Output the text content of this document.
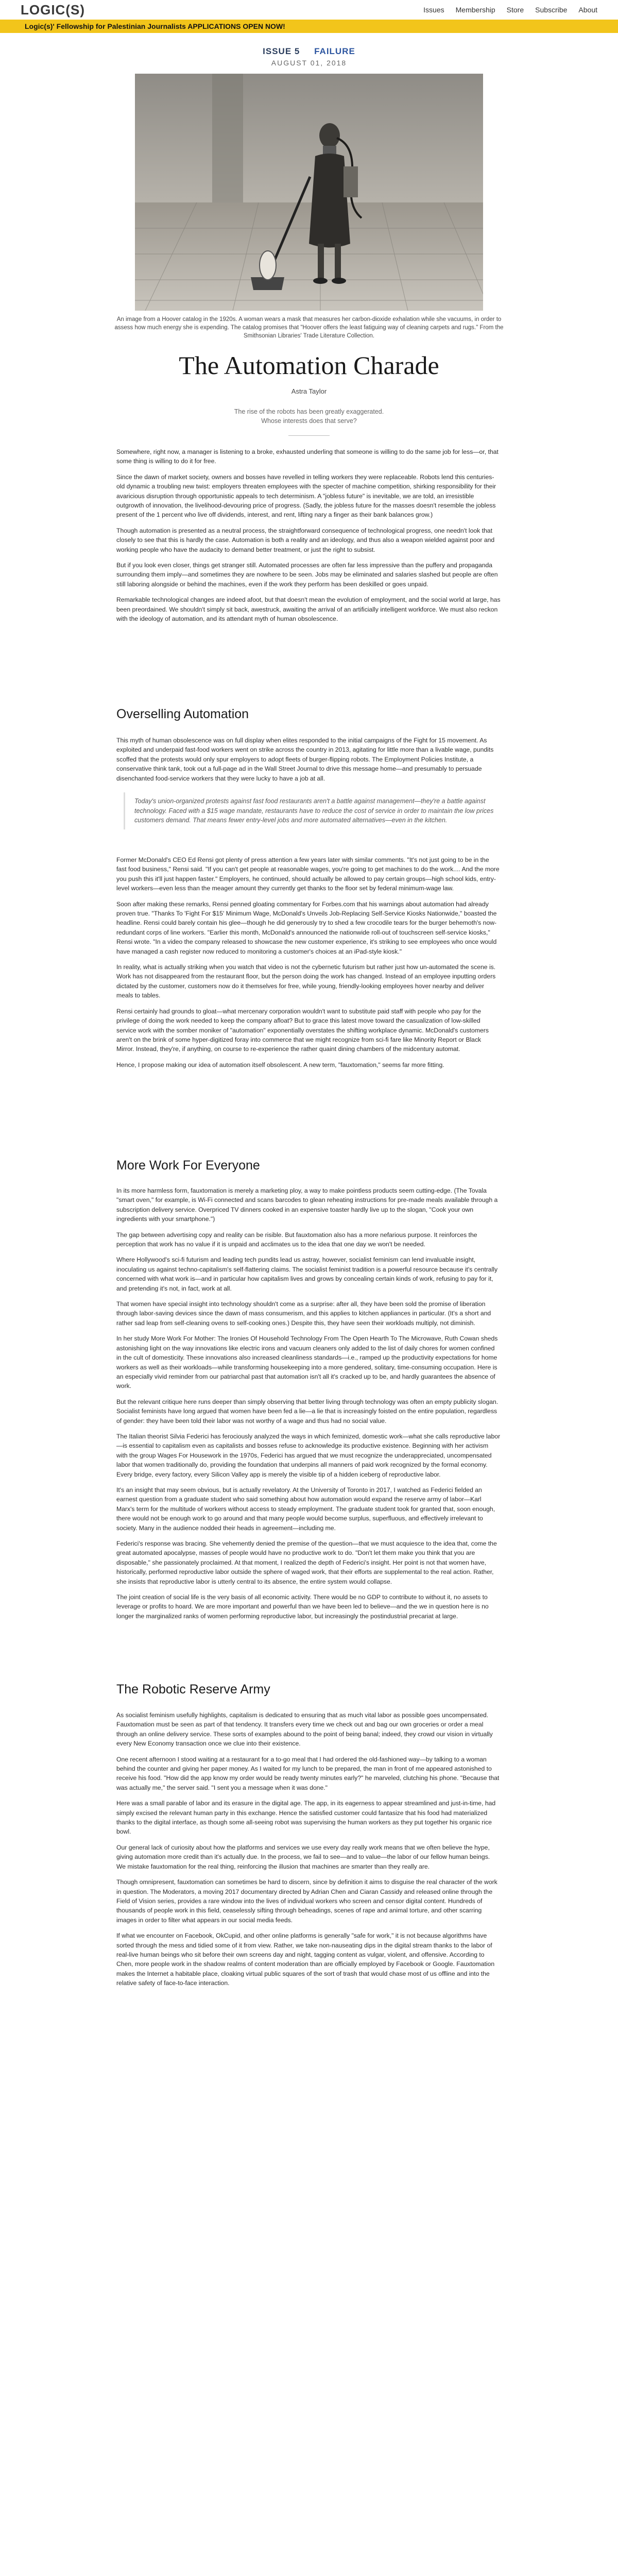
LOGIC(S)	Issues Membership Store Subscribe About
Logic(s)' Fellowship for Palestinian Journalists APPLICATIONS OPEN NOW!
ISSUE 5 FAILURE
AUGUST 01, 2018
An image from a Hoover catalog in the 1920s. A woman wears a mask that measures her carbon-dioxide exhalation while she vacuums, in order to assess how much energy she is expending. The catalog promises that "Hoover offers the least fatiguing way of cleaning carpets and rugs." From the Smithsonian Libraries' Trade Literature Collection.
The Automation Charade
Astra Taylor
The rise of the robots has been greatly exaggerated. Whose interests does that serve?

Somewhere, right now, a manager is listening to a broke, exhausted underling that someone is willing to do the same job for less—or, that some thing is willing to do it for free.

Since the dawn of market society, owners and bosses have revelled in telling workers they were replaceable. Robots lend this centuries-old dynamic a troubling new twist: employers threaten employees with the specter of machine competition, shirking responsibility for their avaricious disruption through opportunistic appeals to tech determinism. A "jobless future" is inevitable, we are told, an irresistible outgrowth of innovation, the livelihood-devouring price of progress. (Sadly, the jobless future for the masses doesn't resemble the jobless present of the 1 percent who live off dividends, interest, and rent, lifting nary a finger as their bank balances grow.)

Though automation is presented as a neutral process, the straightforward consequence of technological progress, one needn't look that closely to see that this is hardly the case. Automation is both a reality and an ideology, and thus also a weapon wielded against poor and working people who have the audacity to demand better treatment, or just the right to subsist.

But if you look even closer, things get stranger still. Automated processes are often far less impressive than the puffery and propaganda surrounding them imply—and sometimes they are nowhere to be seen. Jobs may be eliminated and salaries slashed but people are often still laboring alongside or behind the machines, even if the work they perform has been deskilled or goes unpaid.

Remarkable technological changes are indeed afoot, but that doesn't mean the evolution of employment, and the social world at large, has been preordained. We shouldn't simply sit back, awestruck, awaiting the arrival of an artificially intelligent workforce. We must also reckon with the ideology of automation, and its attendant myth of human obsolescence.

Overselling Automation

This myth of human obsolescence was on full display when elites responded to the initial campaigns of the Fight for 15 movement. As exploited and underpaid fast-food workers went on strike across the country in 2013, agitating for little more than a livable wage, pundits scoffed that the protests would only spur employers to adopt fleets of burger-flipping robots. The Employment Policies Institute, a conservative think tank, took out a full-page ad in the Wall Street Journal to drive this message home—and presumably to persuade disenchanted food-service workers that they were lucky to have a job at all.

Today's union-organized protests against fast food restaurants aren't a battle against management—they're a battle against technology. Faced with a $15 wage mandate, restaurants have to reduce the cost of service in order to maintain the low prices customers demand. That means fewer entry-level jobs and more automated alternatives—even in the kitchen.

Former McDonald's CEO Ed Rensi got plenty of press attention a few years later with similar comments. "It's not just going to be in the fast food business," Rensi said. "If you can't get people at reasonable wages, you're going to get machines to do the work.... And the more you push this it'll just happen faster." Employers, he continued, should actually be allowed to pay certain groups—high school kids, entry-level workers—even less than the meager amount they currently get thanks to the floor set by federal minimum-wage law.

Soon after making these remarks, Rensi penned gloating commentary for Forbes.com that his warnings about automation had already proven true. "Thanks To 'Fight For $15' Minimum Wage, McDonald's Unveils Job-Replacing Self-Service Kiosks Nationwide," boasted the headline. Rensi could barely contain his glee—though he did generously try to shed a few crocodile tears for the burger behemoth's now-redundant corps of line workers. "Earlier this month, McDonald's announced the nationwide roll-out of touchscreen self-service kiosks," Rensi wrote. "In a video the company released to showcase the new customer experience, it's striking to see employees who once would have managed a cash register now reduced to monitoring a customer's choices at an iPad-style kiosk."

In reality, what is actually striking when you watch that video is not the cybernetic futurism but rather just how un-automated the scene is. Work has not disappeared from the restaurant floor, but the person doing the work has changed. Instead of an employee inputting orders dictated by the customer, customers now do it themselves for free, while young, friendly-looking employees hover nearby and deliver meals to tables.

Rensi certainly had grounds to gloat—what mercenary corporation wouldn't want to substitute paid staff with people who pay for the privilege of doing the work needed to keep the company afloat? But to grace this latest move toward the casualization of low-skilled service work with the somber moniker of "automation" exponentially overstates the shifting workplace dynamic. McDonald's customers aren't on the brink of some hyper-digitized foray into commerce that we might recognize from sci-fi fare like Minority Report or Black Mirror. Instead, they're, if anything, on course to re-experience the rather quaint dining chambers of the midcentury automat.

Hence, I propose making our idea of automation itself obsolescent. A new term, "fauxtomation," seems far more fitting.

More Work For Everyone

In its more harmless form, fauxtomation is merely a marketing ploy, a way to make pointless products seem cutting-edge. (The Tovala "smart oven," for example, is Wi-Fi connected and scans barcodes to glean reheating instructions for pre-made meals available through a subscription delivery service. Overpriced TV dinners cooked in an expensive toaster hardly live up to the slogan, "Cook your own ingredients with your smartphone.")

The gap between advertising copy and reality can be risible. But fauxtomation also has a more nefarious purpose. It reinforces the perception that work has no value if it is unpaid and acclimates us to the idea that one day we won't be needed.

Where Hollywood's sci-fi futurism and leading tech pundits lead us astray, however, socialist feminism can lend invaluable insight, inoculating us against techno-capitalism's self-flattering claims. The socialist feminist tradition is a powerful resource because it's centrally concerned with what work is—and in particular how capitalism lives and grows by concealing certain kinds of work, refusing to pay for it, and pretending it's not, in fact, work at all.

That women have special insight into technology shouldn't come as a surprise: after all, they have been sold the promise of liberation through labor-saving devices since the dawn of mass consumerism, and this applies to kitchen appliances in particular. (It's a short and rather sad leap from self-cleaning ovens to self-cooking ones.) Despite this, they have seen their workloads multiply, not diminish.

In her study More Work For Mother: The Ironies Of Household Technology From The Open Hearth To The Microwave, Ruth Cowan sheds astonishing light on the way innovations like electric irons and vacuum cleaners only added to the list of daily chores for women confined in the cult of domesticity. These innovations also increased cleanliness standards—i.e., ramped up the productivity expectations for home workers as well as their workloads—while transforming housekeeping into a more gendered, solitary, time-consuming occupation. Here is an especially vivid reminder from our patriarchal past that automation isn't all it's cracked up to be, and hardly guarantees the absence of work.

But the relevant critique here runs deeper than simply observing that better living through technology was often an empty publicity slogan. Socialist feminists have long argued that women have been fed a lie—a lie that is increasingly foisted on the entire population, regardless of gender: they have been told their labor was not worthy of a wage and thus had no social value.

The Italian theorist Silvia Federici has ferociously analyzed the ways in which feminized, domestic work—what she calls reproductive labor—is essential to capitalism even as capitalists and bosses refuse to acknowledge its productive existence. Beginning with her activism with the group Wages For Housework in the 1970s, Federici has argued that we must recognize the underappreciated, uncompensated labor that women traditionally do, providing the foundation that underpins all manners of paid work recognized by the formal economy. Every bridge, every factory, every Silicon Valley app is merely the visible tip of a hidden iceberg of reproductive labor.

It's an insight that may seem obvious, but is actually revelatory. At the University of Toronto in 2017, I watched as Federici fielded an earnest question from a graduate student who said something about how automation would expand the reserve army of labor—Karl Marx's term for the multitude of workers without access to steady employment. The graduate student took for granted that, soon enough, there would not be enough work to go around and that many people would become surplus, superfluous, and effectively irrelevant to society. Many in the audience nodded their heads in agreement—including me.

Federici's response was bracing. She vehemently denied the premise of the question—that we must acquiesce to the idea that, come the great automated apocalypse, masses of people would have no productive work to do. "Don't let them make you think that you are disposable," she passionately proclaimed. At that moment, I realized the depth of Federici's insight. Her point is not that women have, historically, performed reproductive labor outside the sphere of waged work, that their efforts are supplemental to the real action. Rather, she insists that reproductive labor is utterly central to its absence, the entire system would collapse.

The joint creation of social life is the very basis of all economic activity. There would be no GDP to contribute to without it, no assets to leverage or profits to hoard. We are more important and powerful than we have been led to believe—and the we in question here is no longer the marginalized ranks of women performing reproductive labor, but increasingly the postindustrial precariat at large.

The Robotic Reserve Army

As socialist feminism usefully highlights, capitalism is dedicated to ensuring that as much vital labor as possible goes uncompensated. Fauxtomation must be seen as part of that tendency. It transfers every time we check out and bag our own groceries or order a meal through an online delivery service. These sorts of examples abound to the point of being banal; indeed, they crowd our vision in virtually every New Economy transaction once we clue into their existence.

One recent afternoon I stood waiting at a restaurant for a to-go meal that I had ordered the old-fashioned way—by talking to a woman behind the counter and giving her paper money. As I waited for my lunch to be prepared, the man in front of me appeared astonished to receive his food. "How did the app know my order would be ready twenty minutes early?" he marveled, clutching his phone. "Because that was actually me," the server said. "I sent you a message when it was done."

Here was a small parable of labor and its erasure in the digital age. The app, in its eagerness to appear streamlined and just-in-time, had simply excised the relevant human party in this exchange. Hence the satisfied customer could fantasize that his food had materialized thanks to the digital interface, as though some all-seeing robot was supervising the human workers as they put together his organic rice bowl.

Our general lack of curiosity about how the platforms and services we use every day really work means that we often believe the hype, giving automation more credit than it's actually due. In the process, we fail to see—and to value—the labor of our fellow human beings. We mistake fauxtomation for the real thing, reinforcing the illusion that machines are smarter than they really are.

Though omnipresent, fauxtomation can sometimes be hard to discern, since by definition it aims to disguise the real character of the work in question. The Moderators, a moving 2017 documentary directed by Adrian Chen and Ciaran Cassidy and released online through the Field of Vision series, provides a rare window into the lives of individual workers who screen and censor digital content. Hundreds of thousands of people work in this field, ceaselessly sifting through beheadings, scenes of rape and animal torture, and other scarring images in order to filter what appears in our social media feeds.

If what we encounter on Facebook, OkCupid, and other online platforms is generally "safe for work," it is not because algorithms have sorted through the mess and tidied some of it from view. Rather, we take non-nauseating dips in the digital stream thanks to the labor of real-live human beings who sit before their own screens day and night, tagging content as vulgar, violent, and offensive. According to Chen, more people work in the shadow realms of content moderation than are officially employed by Facebook or Google. Fauxtomation makes the Internet a habitable place, cloaking virtual public squares of the sort of trash that would chase most of us offline and into the relative safety of face-to-face interaction.
